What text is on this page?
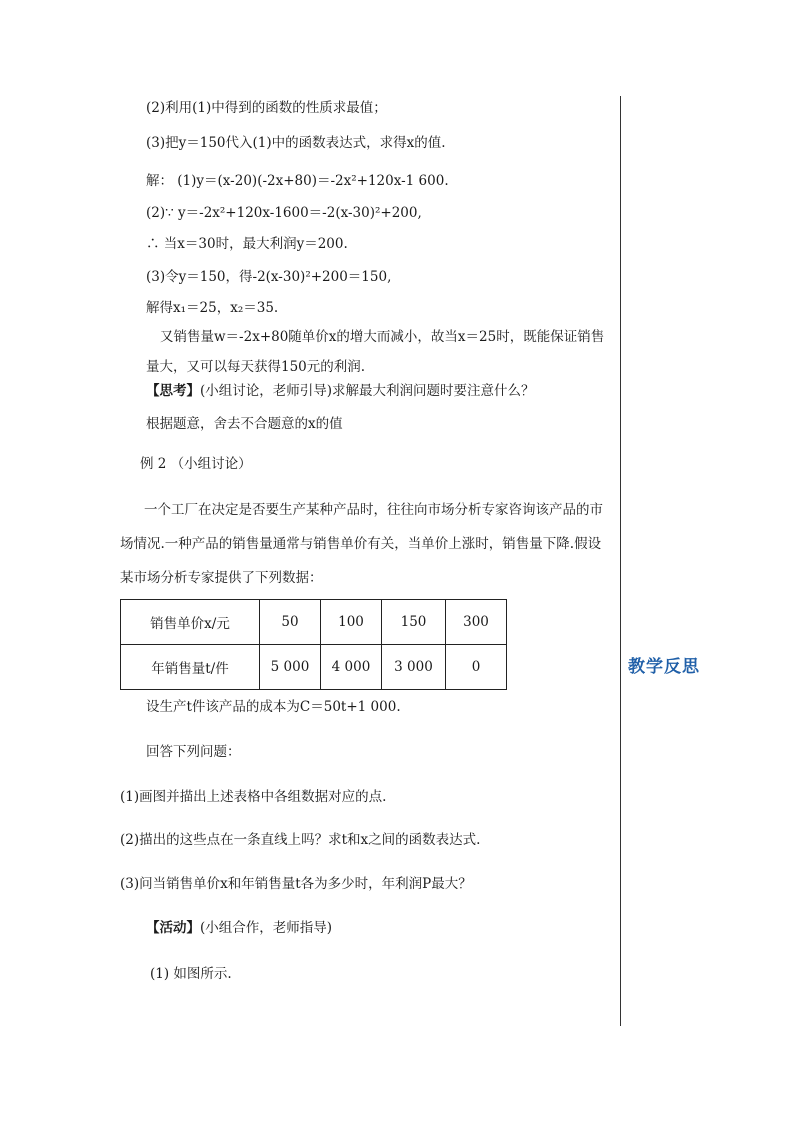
教学反思
(2)利用(1)中得到的函数的性质求最值；
(3)把y＝150代入(1)中的函数表达式，求得x的值.
解： (1)y＝(x-20)(-2x+80)＝-2x²+120x-1 600.
(2)∵ y＝-2x²+120x-1600＝-2(x-30)²+200,
∴ 当x＝30时，最大利润y＝200.
(3)令y＝150，得-2(x-30)²+200＝150,
解得x₁＝25，x₂＝35.
又销售量w＝-2x+80随单价x的增大而减小，故当x＝25时，既能保证销售量大，又可以每天获得150元的利润.
【思考】(小组讨论，老师引导)求解最大利润问题时要注意什么？
根据题意，舍去不合题意的x的值
例 2 （小组讨论）
一个工厂在决定是否要生产某种产品时，往往向市场分析专家咨询该产品的市场情况.一种产品的销售量通常与销售单价有关，当单价上涨时，销售量下降.假设某市场分析专家提供了下列数据：
销售单价x/元	50	100	150	300
年销售量t/件	5 000	4 000	3 000	0
设生产t件该产品的成本为C＝50t+1 000.
回答下列问题：
(1)画图并描出上述表格中各组数据对应的点.
(2)描出的这些点在一条直线上吗？求t和x之间的函数表达式.
(3)问当销售单价x和年销售量t各为多少时，年利润P最大？
【活动】(小组合作，老师指导)
(1) 如图所示.
